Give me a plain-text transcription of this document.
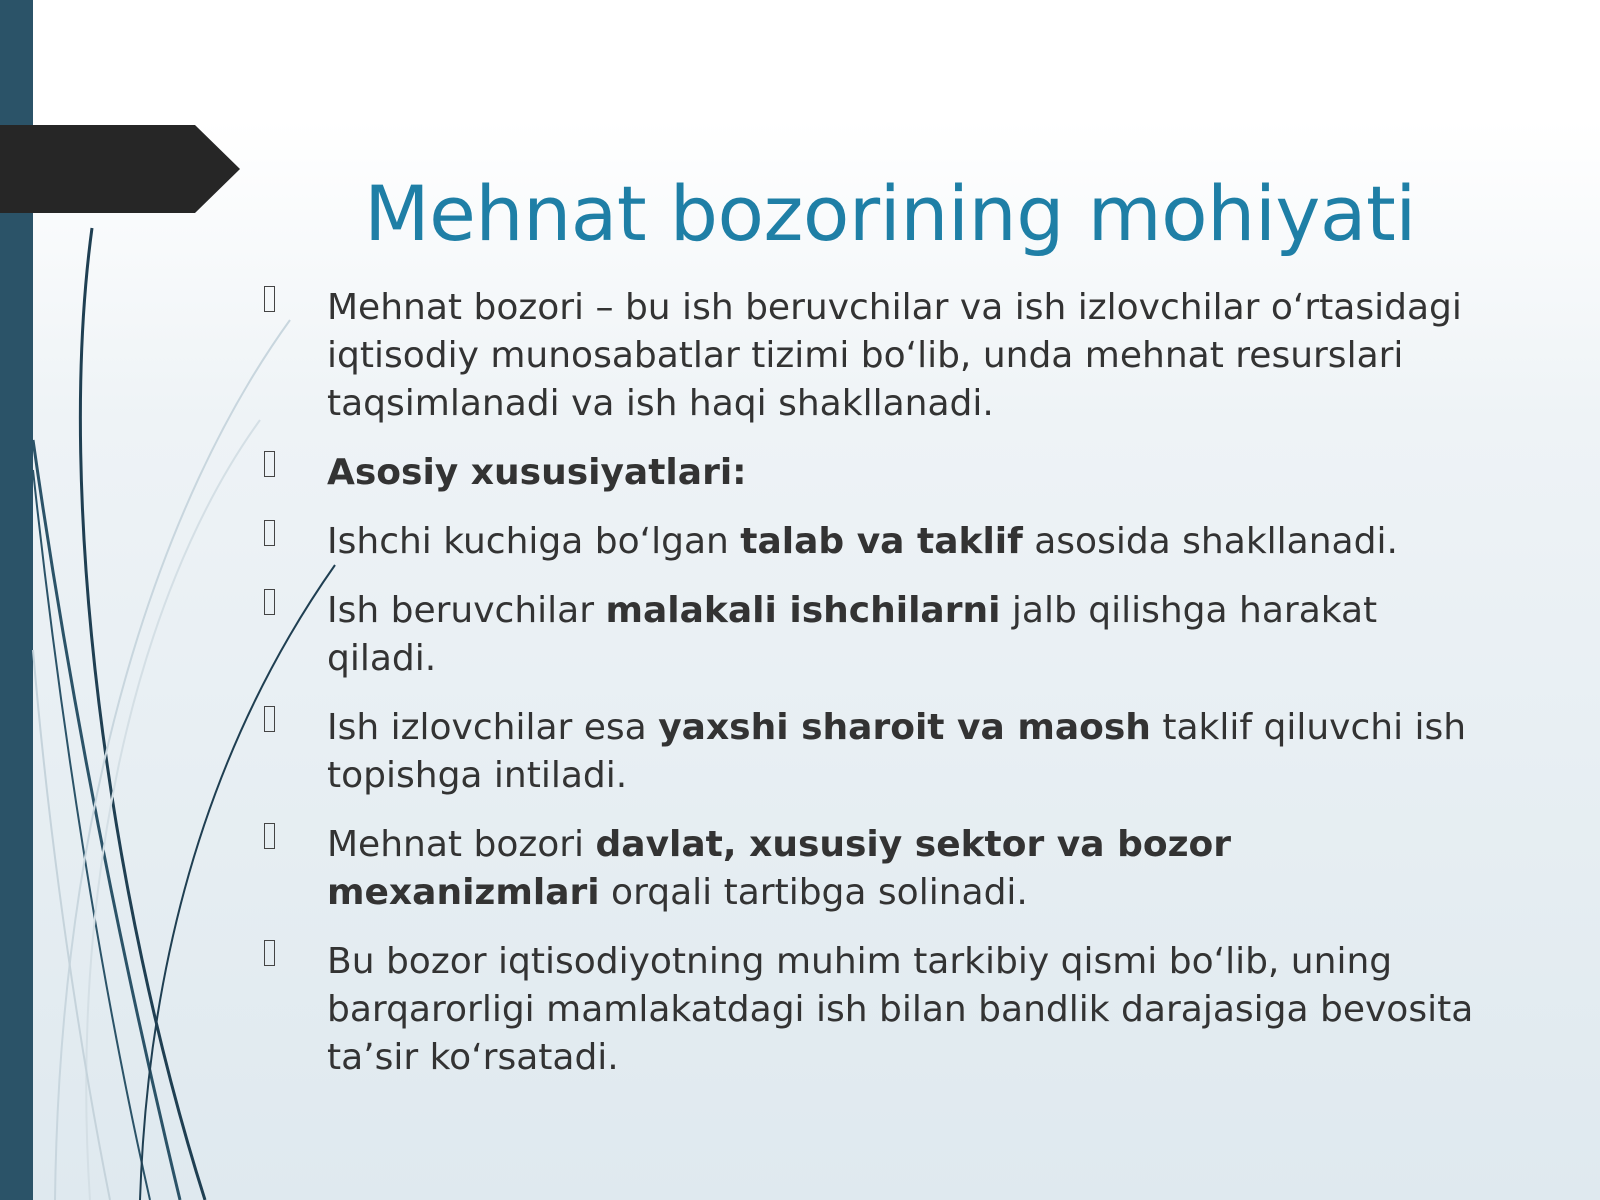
Mehnat bozorining mohiyati
Mehnat bozori – bu ish beruvchilar va ish izlovchilar o‘rtasidagi iqtisodiy munosabatlar tizimi bo‘lib, unda mehnat resurslari taqsimlanadi va ish haqi shakllanadi.
Asosiy xususiyatlari:
Ishchi kuchiga bo‘lgan talab va taklif asosida shakllanadi.
Ish beruvchilar malakali ishchilarni jalb qilishga harakat qiladi.
Ish izlovchilar esa yaxshi sharoit va maosh taklif qiluvchi ish topishga intiladi.
Mehnat bozori davlat, xususiy sektor va bozor mexanizmlari orqali tartibga solinadi.
Bu bozor iqtisodiyotning muhim tarkibiy qismi bo‘lib, uning barqarorligi mamlakatdagi ish bilan bandlik darajasiga bevosita ta’sir ko‘rsatadi.
